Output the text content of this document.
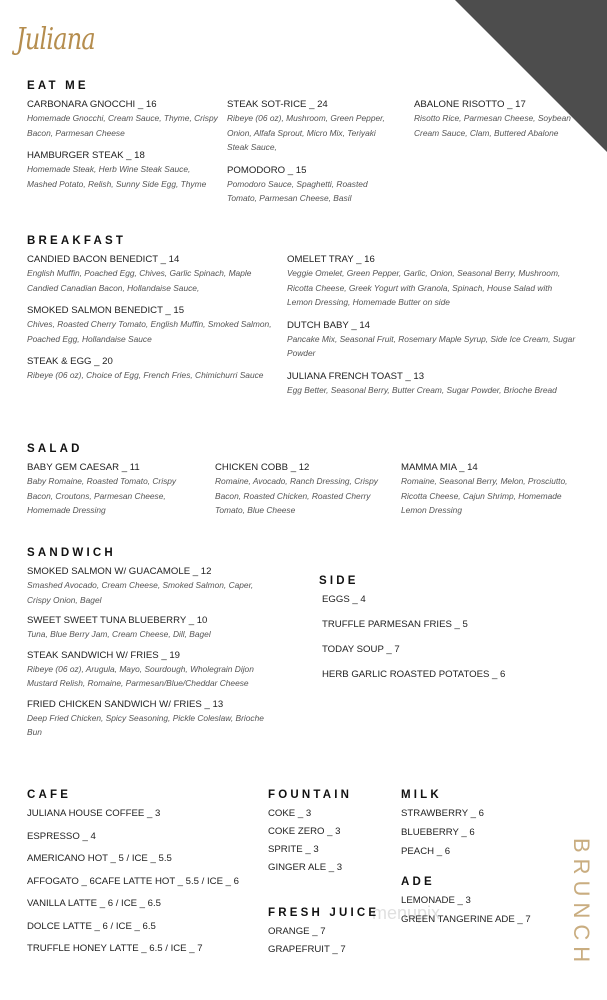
Juliana
BRUNCH
menupix
EAT ME
CARBONARA GNOCCHI _ 16
Homemade Gnocchi, Cream Sauce, Thyme, Crispy Bacon, Parmesan Cheese
HAMBURGER STEAK _ 18
Homemade Steak, Herb Wine Steak Sauce, Mashed Potato, Relish, Sunny Side Egg, Thyme
STEAK SOT-RICE _ 24
Ribeye (06 oz), Mushroom, Green Pepper, Onion, Alfafa Sprout, Micro Mix, Teriyaki Steak Sauce,
POMODORO _ 15
Pomodoro Sauce, Spaghetti, Roasted Tomato, Parmesan Cheese, Basil
ABALONE RISOTTO _ 17
Risotto Rice, Parmesan Cheese, Soybean Cream Sauce, Clam, Buttered Abalone
BREAKFAST
CANDIED BACON BENEDICT _ 14
English Muffin, Poached Egg, Chives, Garlic Spinach, Maple Candied Canadian Bacon, Hollandaise Sauce,
SMOKED SALMON BENEDICT _ 15
Chives, Roasted Cherry Tomato, English Muffin, Smoked Salmon, Poached Egg, Hollandaise Sauce
STEAK & EGG _ 20
Ribeye (06 oz), Choice of Egg, French Fries, Chimichurri Sauce
OMELET TRAY _ 16
Veggie Omelet, Green Pepper, Garlic, Onion, Seasonal Berry, Mushroom, Ricotta Cheese, Greek Yogurt with Granola, Spinach, House Salad with Lemon Dressing, Homemade Butter on side
DUTCH BABY _ 14
Pancake Mix, Seasonal Fruit, Rosemary Maple Syrup, Side Ice Cream, Sugar Powder
JULIANA FRENCH TOAST _ 13
Egg Better, Seasonal Berry, Butter Cream, Sugar Powder, Brioche Bread
SALAD
BABY GEM CAESAR _ 11
Baby Romaine, Roasted Tomato, Crispy Bacon, Croutons, Parmesan Cheese, Homemade Dressing
CHICKEN COBB _ 12
Romaine, Avocado, Ranch Dressing, Crispy Bacon, Roasted Chicken, Roasted Cherry Tomato, Blue Cheese
MAMMA MIA _ 14
Romaine, Seasonal Berry, Melon, Prosciutto, Ricotta Cheese, Cajun Shrimp, Homemade Lemon Dressing
SANDWICH
SMOKED SALMON W/ GUACAMOLE _ 12
Smashed Avocado, Cream Cheese, Smoked Salmon, Caper, Crispy Onion, Bagel
SWEET SWEET TUNA BLUEBERRY _ 10
Tuna, Blue Berry Jam, Cream Cheese, Dill, Bagel
STEAK SANDWICH W/ FRIES _ 19
Ribeye (06 oz), Arugula, Mayo, Sourdough, Wholegrain Dijon Mustard Relish, Romaine, Parmesan/Blue/Cheddar Cheese
FRIED CHICKEN SANDWICH W/ FRIES _ 13
Deep Fried Chicken, Spicy Seasoning, Pickle Coleslaw, Brioche Bun
SIDE
EGGS _ 4
TRUFFLE PARMESAN FRIES _ 5
TODAY SOUP _ 7
HERB GARLIC ROASTED POTATOES _ 6
CAFE
JULIANA HOUSE COFFEE _ 3
ESPRESSO _ 4
AMERICANO HOT _ 5 / ICE _ 5.5
AFFOGATO _ 6CAFE LATTE HOT _ 5.5 / ICE _ 6
VANILLA LATTE _ 6 / ICE _ 6.5
DOLCE LATTE _ 6 / ICE _ 6.5
TRUFFLE HONEY LATTE _ 6.5 / ICE _ 7
FOUNTAIN
COKE _ 3
COKE ZERO _ 3
SPRITE _ 3
GINGER ALE _ 3
FRESH JUICE
ORANGE _ 7
GRAPEFRUIT _ 7
MILK
STRAWBERRY _ 6
BLUEBERRY _ 6
PEACH _ 6
ADE
LEMONADE _ 3
GREEN TANGERINE ADE _ 7
